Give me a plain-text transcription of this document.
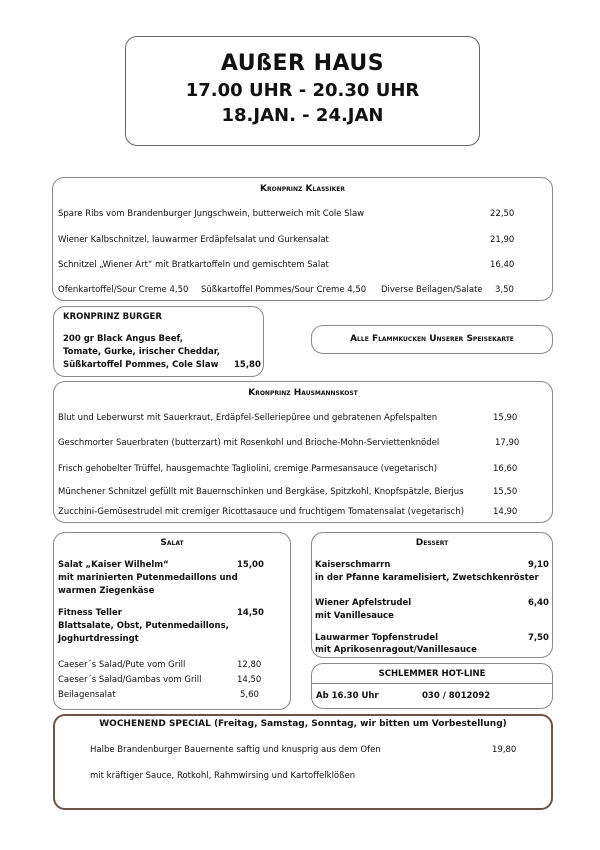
AUßER HAUS
17.00 UHR - 20.30 UHR
18.JAN. - 24.JAN
Kronprinz Klassiker
Spare Ribs vom Brandenburger Jungschwein, butterweich mit Cole Slaw	22,50
Wiener Kalbschnitzel, lauwarmer Erdäpfelsalat und Gurkensalat	21,90
Schnitzel „Wiener Art“ mit Bratkartoffeln und gemischtem Salat	16,40
Ofenkartoffel/Sour Creme 4,50 Süßkartoffel Pommes/Sour Creme 4,50 Diverse Beilagen/Salate 3,50
KRONPRINZ BURGER
200 gr Black Angus Beef,
Tomate, Gurke, irischer Cheddar,
Süßkartoffel Pommes, Cole Slaw 15,80
Alle Flammkucken Unserer Speisekarte
Kronprinz Hausmannskost
Blut und Leberwurst mit Sauerkraut, Erdäpfel-Selleriepüree und gebratenen Apfelspalten	15,90
Geschmorter Sauerbraten (butterzart) mit Rosenkohl und Brioche-Mohn-Serviettenknödel	17,90
Frisch gehobelter Trüffel, hausgemachte Tagliolini, cremige Parmesansauce (vegetarisch)	16,60
Münchener Schnitzel gefüllt mit Bauernschinken und Bergkäse, Spitzkohl, Knopfspätzle, Bierjus	15,50
Zucchini-Gemüsestrudel mit cremiger Ricottasauce und fruchtigem Tomatensalat (vegetarisch)	14,90
Salat
Salat „Kaiser Wilhelm“	15,00
mit marinierten Putenmedaillons und
warmen Ziegenkäse
Fitness Teller	14,50
Blattsalate, Obst, Putenmedaillons,
Joghurtdressingt
Caeser´s Salad/Pute vom Grill	12,80
Caeser´s Salad/Gambas vom Grill	14,50
Beilagensalat	5,60
Dessert
Kaiserschmarrn	9,10
in der Pfanne karamelisiert, Zwetschkenröster
Wiener Apfelstrudel	6,40
mit Vanillesauce
Lauwarmer Topfenstrudel	7,50
mit Aprikosenragout/Vanillesauce
SCHLEMMER HOT-LINE
Ab 16.30 Uhr	030 / 8012092
WOCHENEND SPECIAL (Freitag, Samstag, Sonntag, wir bitten um Vorbestellung)
Halbe Brandenburger Bauernente saftig und knusprig aus dem Ofen	19,80
mit kräftiger Sauce, Rotkohl, Rahmwirsing und Kartoffelklößen
